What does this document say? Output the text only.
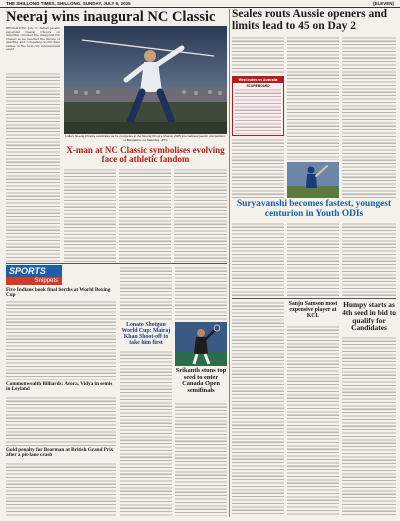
THE SHILLONG TIMES, SHILLONG, SUNDAY, JULY 6, 2025	(ELEVEN)
Neeraj wins inaugural NC Classic

BENGALURU, July 5: Indian javelin superstar Neeraj Chopra on Saturday clinched the inaugural NC Classic as he reached the throne of dazzling and competing world-class names in the twin-city international event.

India's Neeraj Chopra celebrates as he competes in the Neeraj Chopra Classic 2025 international javelin competition, in Bengaluru, on Saturday. (PTI)
X-man at NC Classic symbolises evolving face of athletic fandom
SPORTS
Snippets
Five Indians book final berths at World Boxing Cup
Commonwealth Billiards: Arora, Vidya in semis in Leyland
Gold penalty for Bearman at British Grand Prix after a pit-lane crash
Lonato Shotgun World Cup: Mairaj Khan Shoot-off to take him first
Srikanth stuns top seed to enter Canada Open semifinals
Seales routs Aussie openers and limits lead to 45 on Day 2
West Indies vs Australia
SCOREBOARD
Suryavanshi becomes fastest, youngest centurion in Youth ODIs
Sanju Samson most expensive player at KCL
Humpy starts as 4th seed in bid to qualify for Candidates
